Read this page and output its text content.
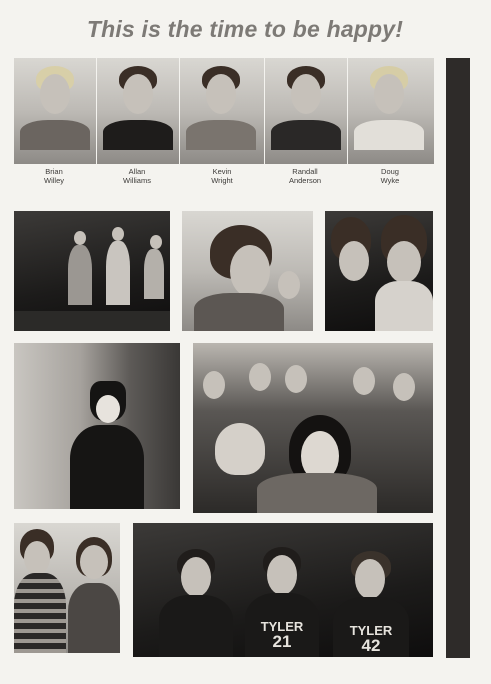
This is the time to be happy!
Brian
Willey
Allan
Williams
Kevin
Wright
Randall
Anderson
Doug
Wyke
TYLER
21
TYLER
42
